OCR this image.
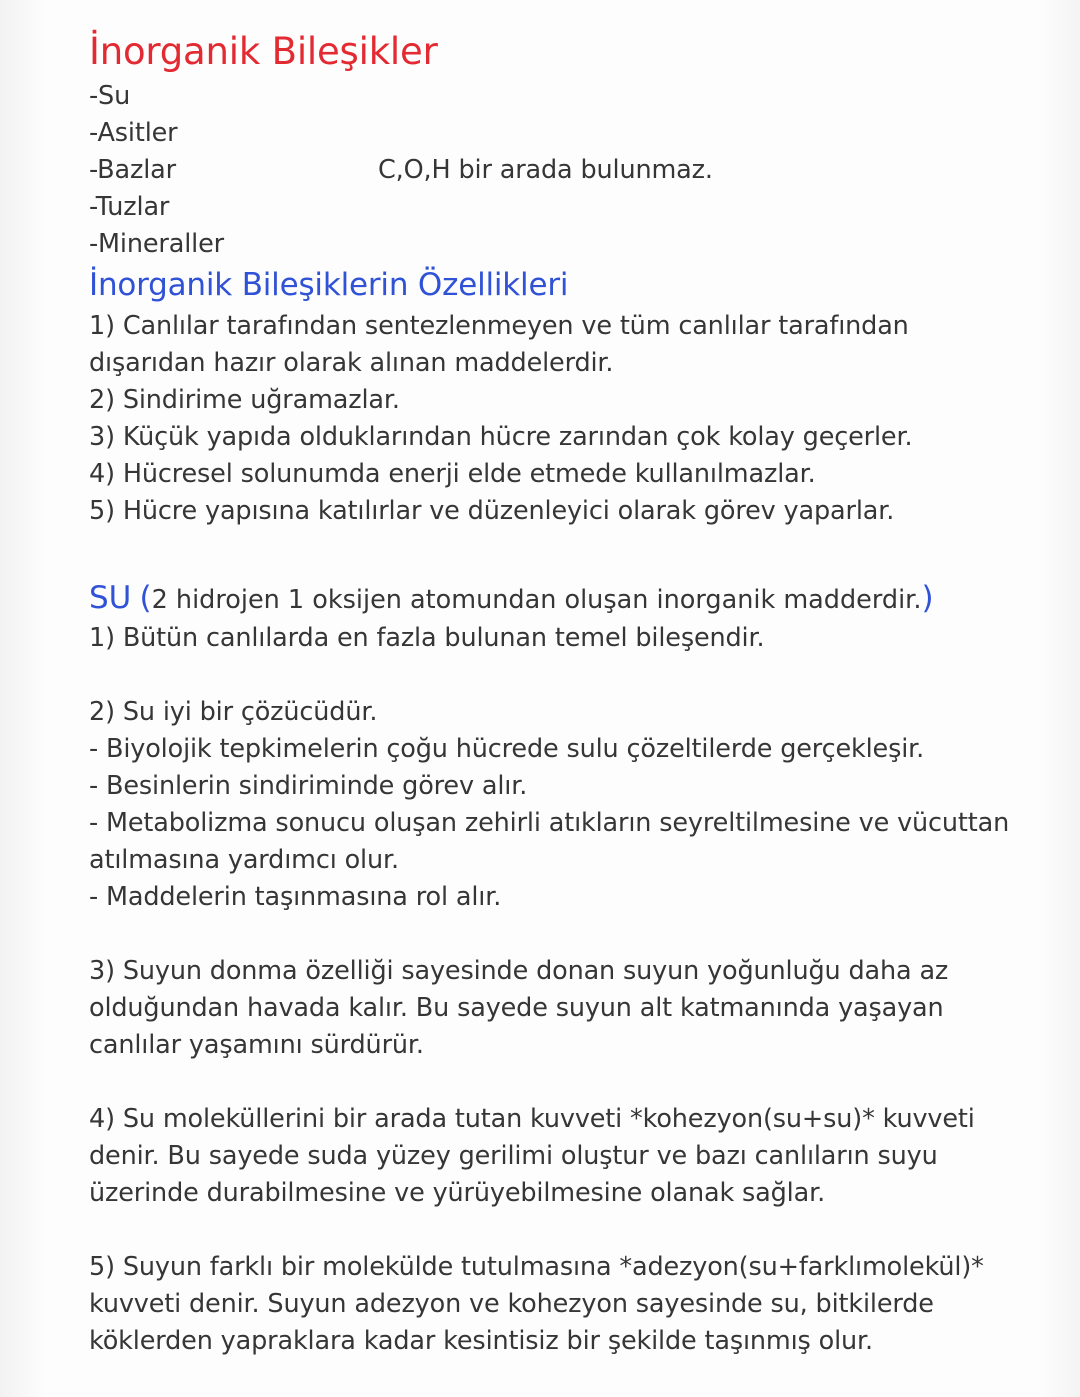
İnorganik Bileşikler
-Su
-Asitler
-Bazlar	C,O,H bir arada bulunmaz.
-Tuzlar
-Mineraller
İnorganik Bileşiklerin Özellikleri
1) Canlılar tarafından sentezlenmeyen ve tüm canlılar tarafından
dışarıdan hazır olarak alınan maddelerdir.
2) Sindirime uğramazlar.
3) Küçük yapıda olduklarından hücre zarından çok kolay geçerler.
4) Hücresel solunumda enerji elde etmede kullanılmazlar.
5) Hücre yapısına katılırlar ve düzenleyici olarak görev yaparlar.
SU (2 hidrojen 1 oksijen atomundan oluşan inorganik madderdir.)
1) Bütün canlılarda en fazla bulunan temel bileşendir.
2) Su iyi bir çözücüdür.
- Biyolojik tepkimelerin çoğu hücrede sulu çözeltilerde gerçekleşir.
- Besinlerin sindiriminde görev alır.
- Metabolizma sonucu oluşan zehirli atıkların seyreltilmesine ve vücuttan
atılmasına yardımcı olur.
- Maddelerin taşınmasına rol alır.
3) Suyun donma özelliği sayesinde donan suyun yoğunluğu daha az
olduğundan havada kalır. Bu sayede suyun alt katmanında yaşayan
canlılar yaşamını sürdürür.
4) Su moleküllerini bir arada tutan kuvveti *kohezyon(su+su)* kuvveti
denir. Bu sayede suda yüzey gerilimi oluştur ve bazı canlıların suyu
üzerinde durabilmesine ve yürüyebilmesine olanak sağlar.
5) Suyun farklı bir molekülde tutulmasına *adezyon(su+farklımolekül)*
kuvveti denir. Suyun adezyon ve kohezyon sayesinde su, bitkilerde
köklerden yapraklara kadar kesintisiz bir şekilde taşınmış olur.
